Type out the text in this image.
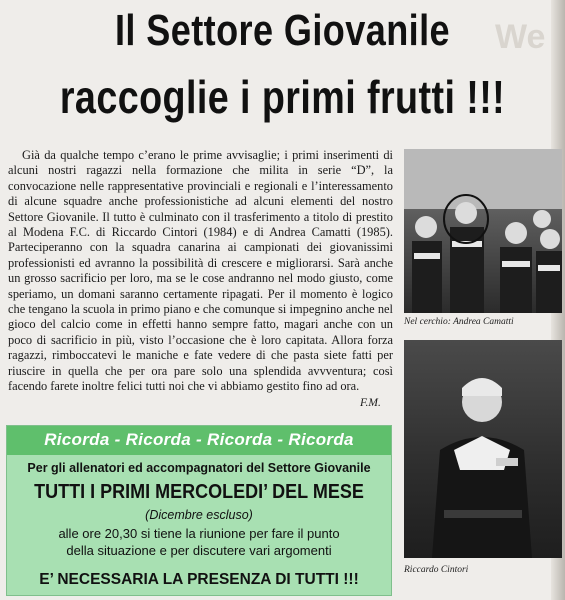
We
Il Settore Giovanile
raccoglie i primi frutti !!!

Già da qualche tempo c’erano le prime avvisaglie; i primi inserimenti di alcuni nostri ragazzi nella formazione che milita in serie “D”, la convocazione nelle rappresentative provinciali e regionali e l’interessamento di alcune squadre anche professionistiche ad alcuni elementi del nostro Settore Giovanile. Il tutto è culminato con il trasferimento a titolo di prestito al Modena F.C. di Riccardo Cintori (1984) e di Andrea Camatti (1985). Parteciperanno con la squadra canarina ai campionati dei giovanissimi professionisti ed avranno la possibilità di crescere e migliorarsi. Sarà anche un grosso sacrificio per loro, ma se le cose andranno nel modo giusto, come speriamo, un domani saranno certamente ripagati. Per il momento è logico che tengano la scuola in primo piano e che comunque si impegnino anche nel gioco del calcio come in effetti hanno sempre fatto, magari anche con un poco di sacrificio in più, visto l’occasione che è loro capitata. Allora forza ragazzi, rimboccatevi le maniche e fate vedere di che pasta siete fatti per riuscire in quella che per ora pare solo una splendida avvventura; così facendo farete inoltre felici tutti noi che vi abbiamo gestito fino ad ora.

F.M.
Nel cerchio: Andrea Camatti
Riccardo Cintori
Ricorda - Ricorda - Ricorda - Ricorda
Per gli allenatori ed accompagnatori del Settore Giovanile
TUTTI I PRIMI MERCOLEDI’ DEL MESE
(Dicembre escluso)
alle ore 20,30 si tiene la riunione per fare il punto
della situazione e per discutere vari argomenti
E’ NECESSARIA LA PRESENZA DI TUTTI !!!
